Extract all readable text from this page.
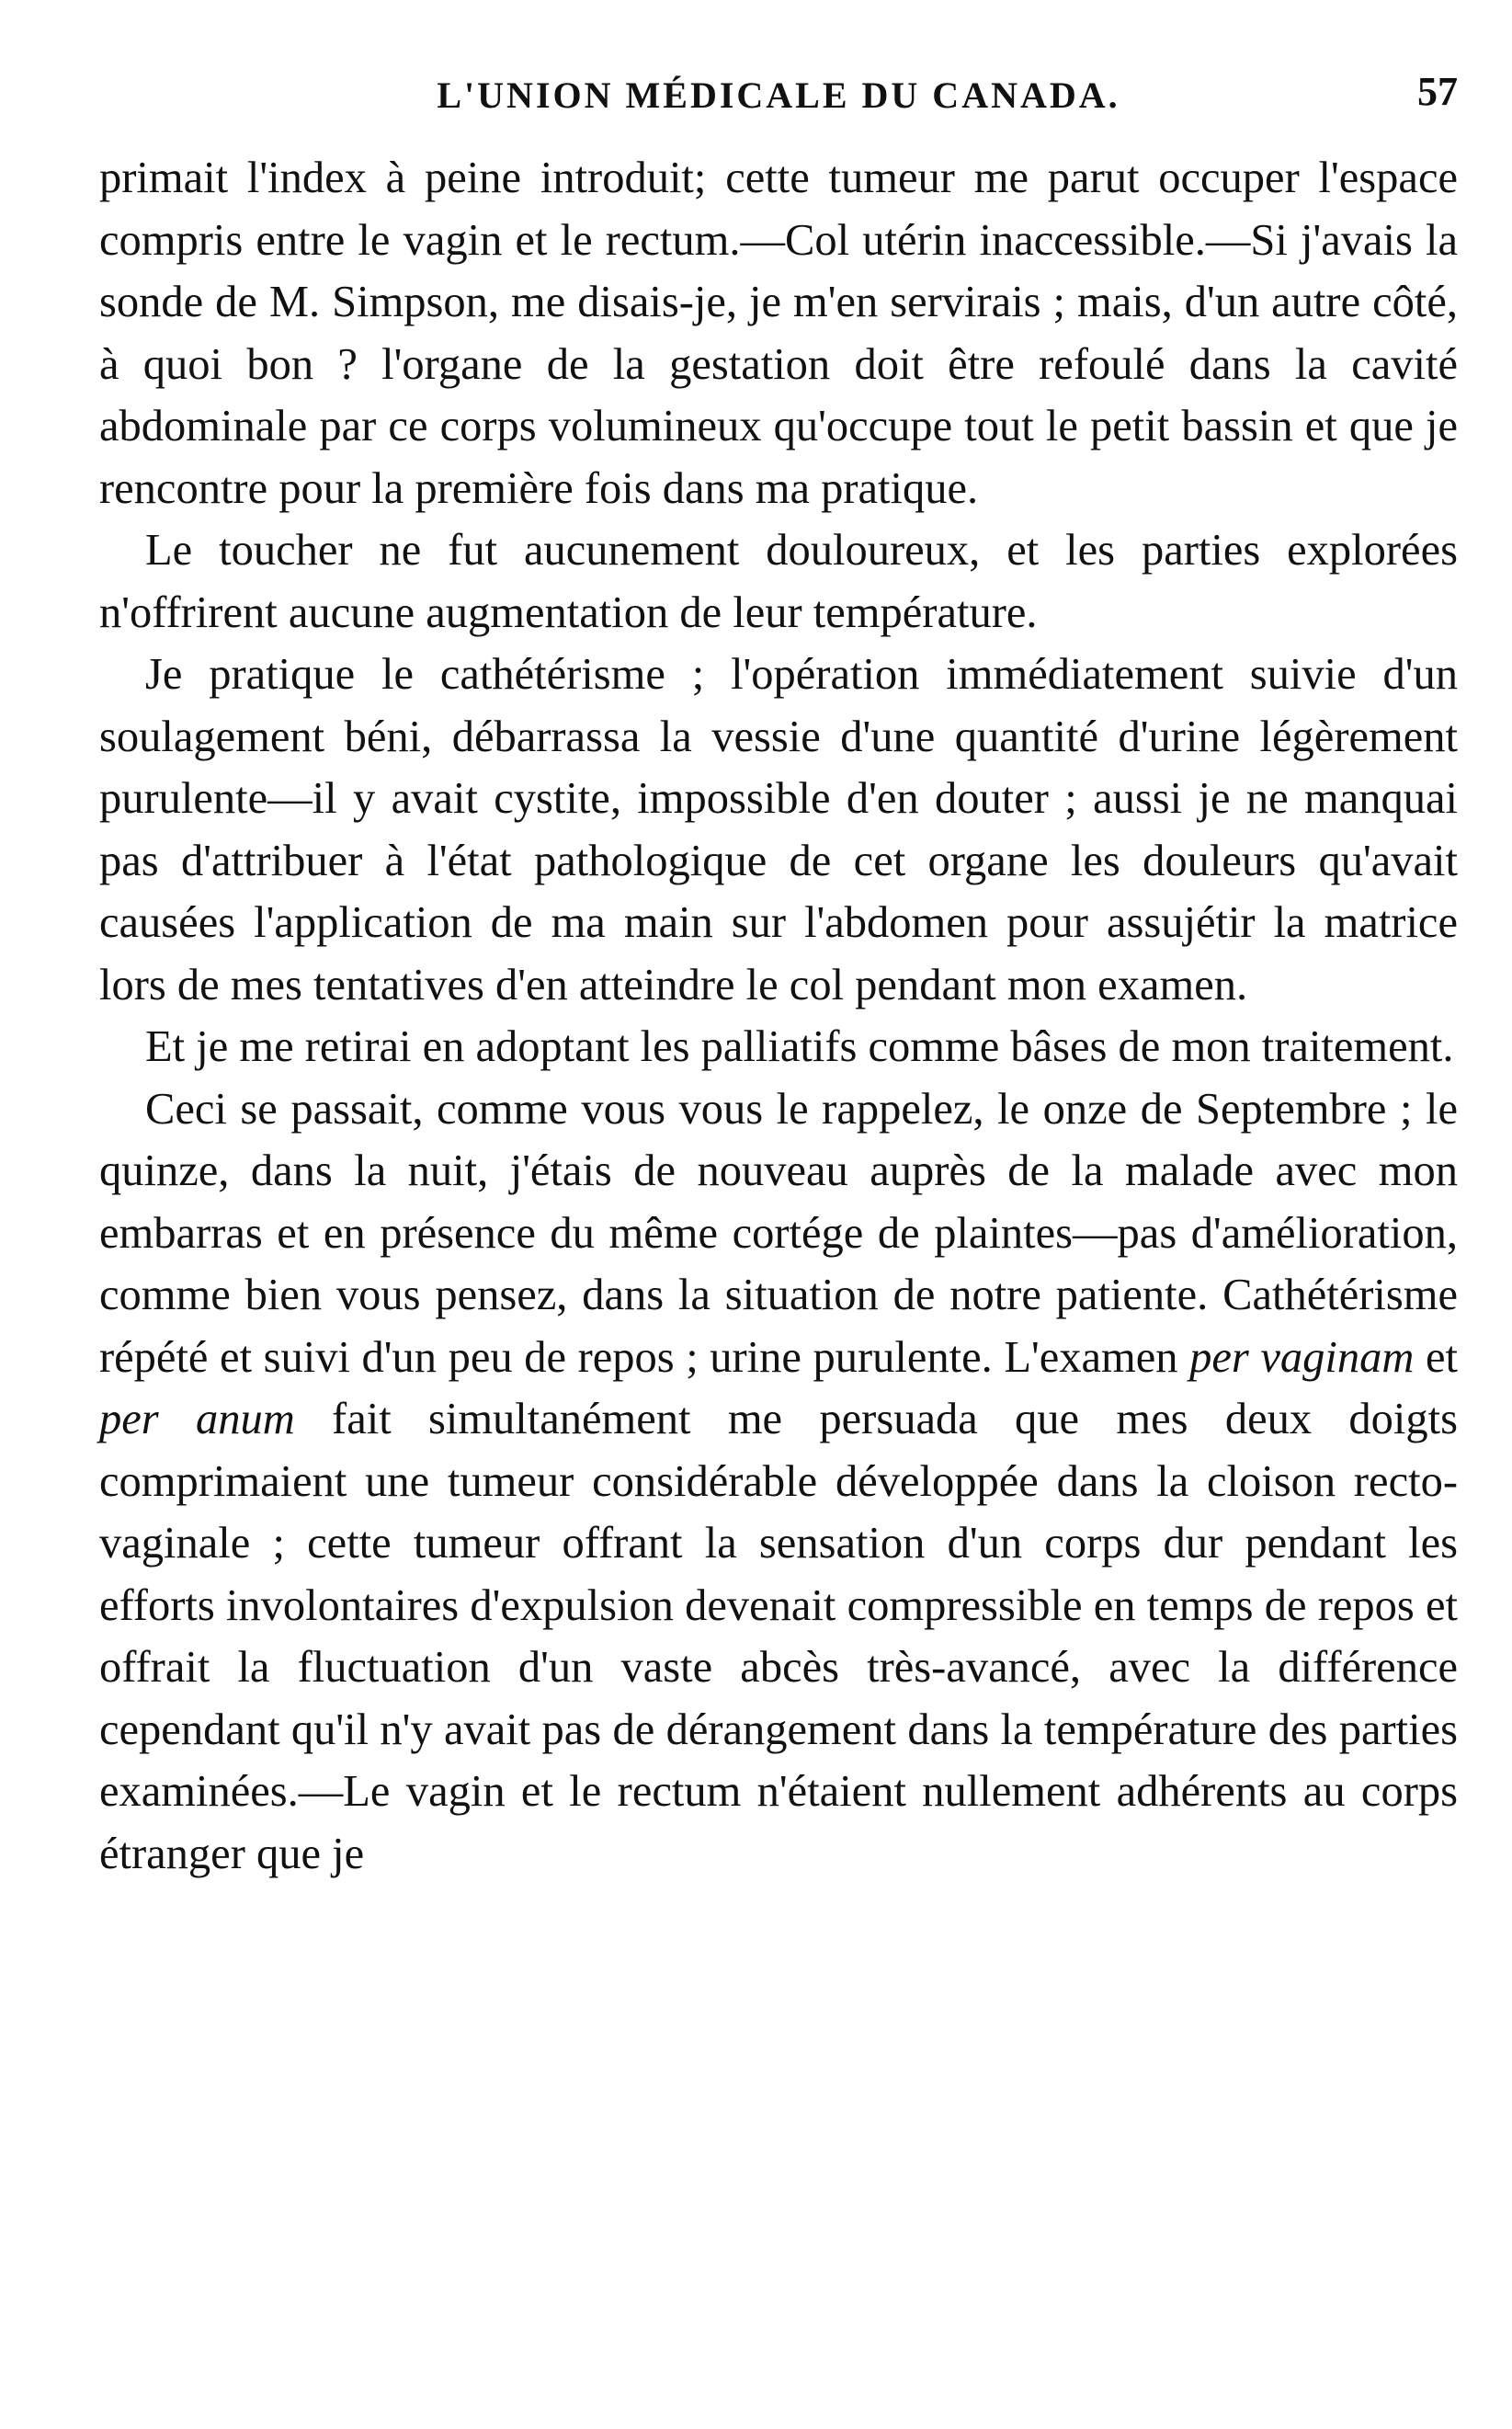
L'UNION MÉDICALE DU CANADA.	57

primait l'index à peine introduit; cette tumeur me parut occuper l'espace compris entre le vagin et le rectum.—Col utérin inaccessible.—Si j'avais la sonde de M. Simpson, me disais-je, je m'en servirais ; mais, d'un autre côté, à quoi bon ? l'organe de la gestation doit être refoulé dans la cavité abdominale par ce corps volumineux qu'occupe tout le petit bassin et que je rencontre pour la première fois dans ma pratique.

Le toucher ne fut aucunement douloureux, et les parties explorées n'offrirent aucune augmentation de leur température.

Je pratique le cathétérisme ; l'opération immédiatement suivie d'un soulagement béni, débarrassa la vessie d'une quantité d'urine légèrement purulente—il y avait cystite, impossible d'en douter ; aussi je ne manquai pas d'attribuer à l'état pathologique de cet organe les douleurs qu'avait causées l'application de ma main sur l'abdomen pour assujétir la matrice lors de mes tentatives d'en atteindre le col pendant mon examen.

Et je me retirai en adoptant les palliatifs comme bâses de mon traitement.

Ceci se passait, comme vous vous le rappelez, le onze de Septembre ; le quinze, dans la nuit, j'étais de nouveau auprès de la malade avec mon embarras et en présence du même cortége de plaintes—pas d'amélioration, comme bien vous pensez, dans la situation de notre patiente. Cathétérisme répété et suivi d'un peu de repos ; urine purulente. L'examen per vaginam et per anum fait simultanément me persuada que mes deux doigts comprimaient une tumeur considérable développée dans la cloison recto-vaginale ; cette tumeur offrant la sensation d'un corps dur pendant les efforts involontaires d'expulsion devenait compressible en temps de repos et offrait la fluctuation d'un vaste abcès très-avancé, avec la différence cependant qu'il n'y avait pas de dérangement dans la température des parties examinées.—Le vagin et le rectum n'étaient nullement adhérents au corps étranger que je
